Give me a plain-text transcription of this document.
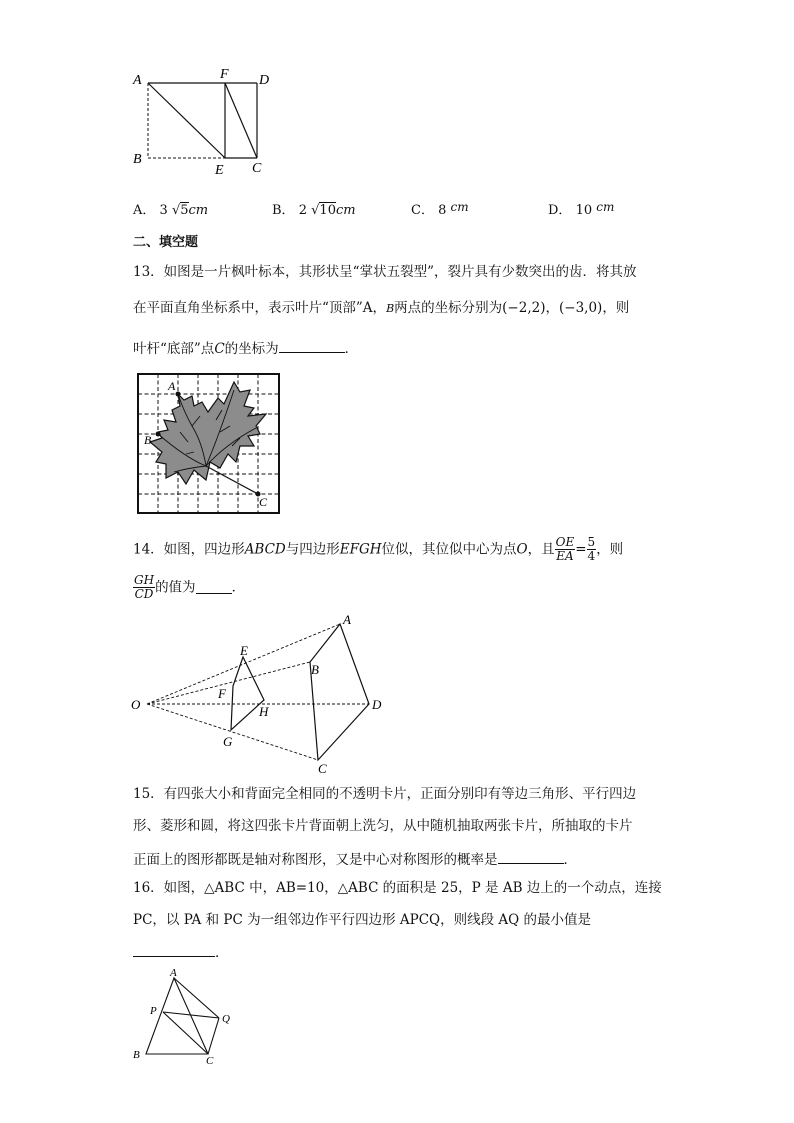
A	F D
B
E C
A． 3 √5cm	B． 2 √10cm	C． 8 cm	D． 10 cm
二、填空题
13．如图是一片枫叶标本，其形状呈“掌状五裂型”，裂片具有少数突出的齿．将其放
在平面直角坐标系中，表示叶片“顶部”A，B两点的坐标分别为(−2,2)，(−3,0)，则
叶杆“底部”点C的坐标为	．
A
B
C
14．如图，四边形ABCD与四边形EFGH位似，其位似中心为点O，且 $\frac{OE}{EA} = \frac{5}{4}$ ，则
$\frac{GH}{CD}$ 的值为	．
O
A
B
D
C
E
F
H
G
15．有四张大小和背面完全相同的不透明卡片，正面分别印有等边三角形、平行四边
形、菱形和圆，将这四张卡片背面朝上洗匀，从中随机抽取两张卡片，所抽取的卡片
正面上的图形都既是轴对称图形，又是中心对称图形的概率是	．
16．如图，△ABC 中，AB=10，△ABC 的面积是 25，P 是 AB 边上的一个动点，连接
PC，以 PA 和 PC 为一组邻边作平行四边形 APCQ，则线段 AQ 的最小值是
．
A
P
Q
B	C
